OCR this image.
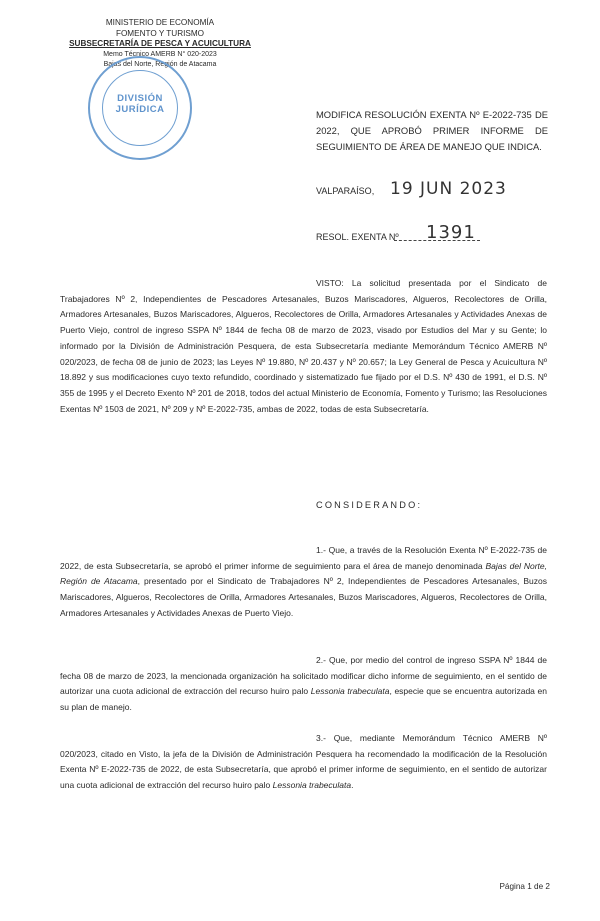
MINISTERIO DE ECONOMÍA
FOMENTO Y TURISMO
SUBSECRETARÍA DE PESCA Y ACUICULTURA
Memo Técnico AMERB N° 020-2023
Bajas del Norte, Región de Atacama
DIVISIÓN
JURÍDICA	MODIFICA RESOLUCIÓN EXENTA Nº E-2022-735 DE 2022, QUE APROBÓ PRIMER INFORME DE SEGUIMIENTO DE ÁREA DE MANEJO QUE INDICA.
VALPARAÍSO, 19 JUN 2023
RESOL. EXENTA Nº 1391

VISTO: La solicitud presentada por el Sindicato de Trabajadores Nº 2, Independientes de Pescadores Artesanales, Buzos Mariscadores, Algueros, Recolectores de Orilla, Armadores Artesanales, Buzos Mariscadores, Algueros, Recolectores de Orilla, Armadores Artesanales y Actividades Anexas de Puerto Viejo, control de ingreso SSPA Nº 1844 de fecha 08 de marzo de 2023, visado por Estudios del Mar y su Gente; lo informado por la División de Administración Pesquera, de esta Subsecretaría mediante Memorándum Técnico AMERB Nº 020/2023, de fecha 08 de junio de 2023; las Leyes Nº 19.880, Nº 20.437 y Nº 20.657; la Ley General de Pesca y Acuicultura Nº 18.892 y sus modificaciones cuyo texto refundido, coordinado y sistematizado fue fijado por el D.S. Nº 430 de 1991, el D.S. Nº 355 de 1995 y el Decreto Exento Nº 201 de 2018, todos del actual Ministerio de Economía, Fomento y Turismo; las Resoluciones Exentas Nº 1503 de 2021, Nº 209 y Nº E-2022-735, ambas de 2022, todas de esta Subsecretaría.

CONSIDERANDO:

1.- Que, a través de la Resolución Exenta Nº E-2022-735 de 2022, de esta Subsecretaría, se aprobó el primer informe de seguimiento para el área de manejo denominada Bajas del Norte, Región de Atacama, presentado por el Sindicato de Trabajadores Nº 2, Independientes de Pescadores Artesanales, Buzos Mariscadores, Algueros, Recolectores de Orilla, Armadores Artesanales, Buzos Mariscadores, Algueros, Recolectores de Orilla, Armadores Artesanales y Actividades Anexas de Puerto Viejo.

2.- Que, por medio del control de ingreso SSPA Nº 1844 de fecha 08 de marzo de 2023, la mencionada organización ha solicitado modificar dicho informe de seguimiento, en el sentido de autorizar una cuota adicional de extracción del recurso huiro palo Lessonia trabeculata, especie que se encuentra autorizada en su plan de manejo.

3.- Que, mediante Memorándum Técnico AMERB Nº 020/2023, citado en Visto, la jefa de la División de Administración Pesquera ha recomendado la modificación de la Resolución Exenta Nº E-2022-735 de 2022, de esta Subsecretaría, que aprobó el primer informe de seguimiento, en el sentido de autorizar una cuota adicional de extracción del recurso huiro palo Lessonia trabeculata.

Página 1 de 2
